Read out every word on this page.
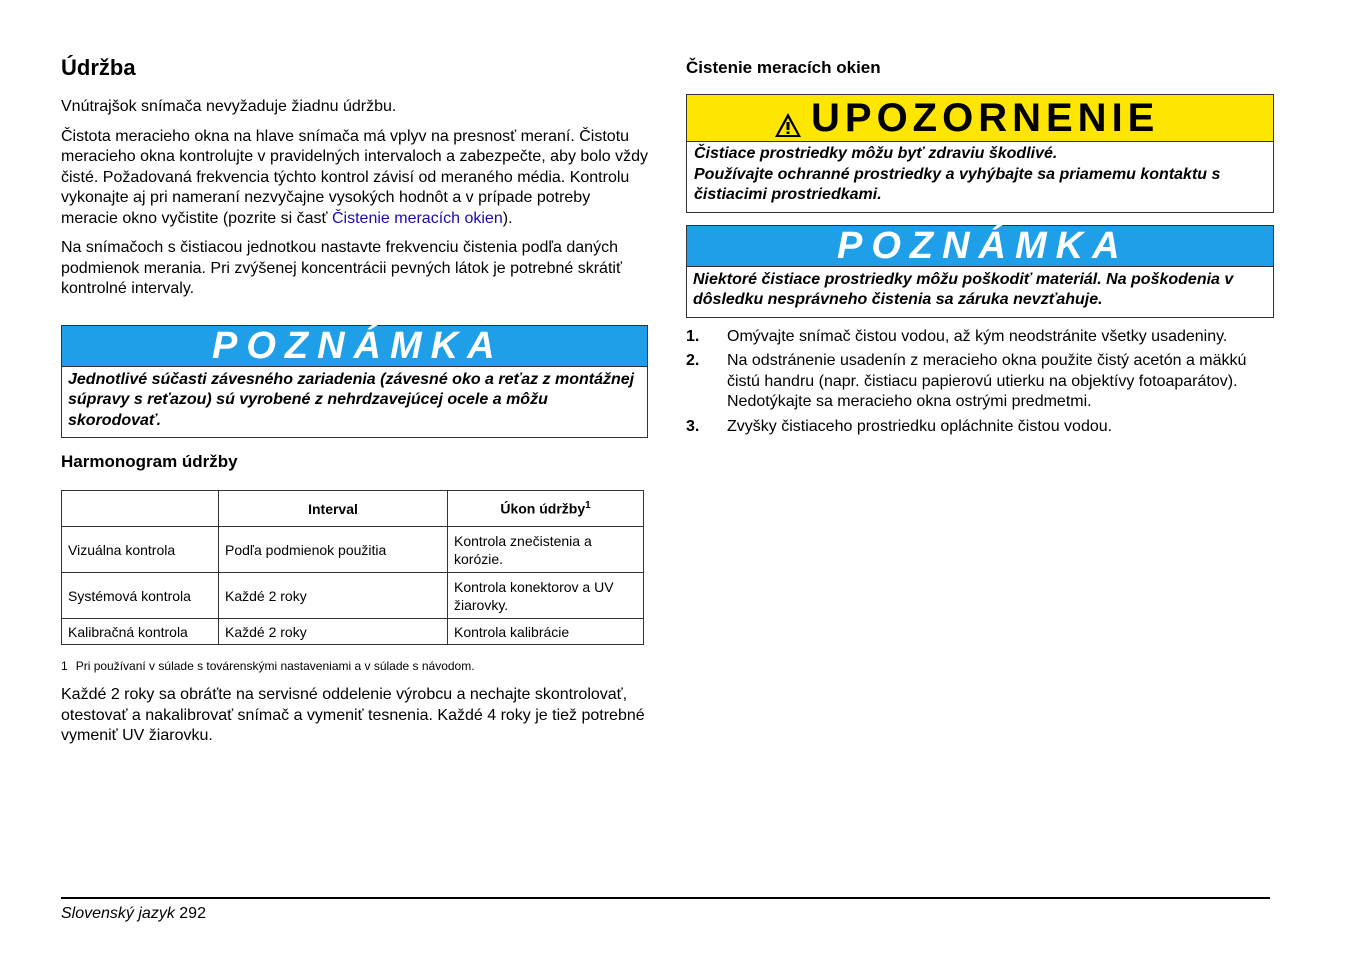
Údržba

Vnútrajšok snímača nevyžaduje žiadnu údržbu.

Čistota meracieho okna na hlave snímača má vplyv na presnosť meraní. Čistotu meracieho okna kontrolujte v pravidelných intervaloch a zabezpečte, aby bolo vždy čisté. Požadovaná frekvencia týchto kontrol závisí od meraného média. Kontrolu vykonajte aj pri nameraní nezvyčajne vysokých hodnôt a v prípade potreby meracie okno vyčistite (pozrite si časť Čistenie meracích okien).

Na snímačoch s čistiacou jednotkou nastavte frekvenciu čistenia podľa daných podmienok merania. Pri zvýšenej koncentrácii pevných látok je potrebné skrátiť kontrolné intervaly.

POZNÁMKA
Jednotlivé súčasti závesného zariadenia (závesné oko a reťaz z montážnej súpravy s reťazou) sú vyrobené z nehrdzavejúcej ocele a môžu skorodovať.
Harmonogram údržby
	Interval	Úkon údržby$^1$
Vizuálna kontrola	Podľa podmienok použitia	Kontrola znečistenia a korózie.
Systémová kontrola	Každé 2 roky	Kontrola konektorov a UV žiarovky.
Kalibračná kontrola	Každé 2 roky	Kontrola kalibrácie
1 Pri používaní v súlade s továrenskými nastaveniami a v súlade s návodom.

Každé 2 roky sa obráťte na servisné oddelenie výrobcu a nechajte skontrolovať, otestovať a nakalibrovať snímač a vymeniť tesnenia. Každé 4 roky je tiež potrebné vymeniť UV žiarovku.

Čistenie meracích okien
UPOZORNENIE
Čistiace prostriedky môžu byť zdraviu škodlivé.
Používajte ochranné prostriedky a vyhýbajte sa priamemu kontaktu s čistiacimi prostriedkami.
POZNÁMKA
Niektoré čistiace prostriedky môžu poškodiť materiál. Na poškodenia v dôsledku nesprávneho čistenia sa záruka nevzťahuje.
1. Omývajte snímač čistou vodou, až kým neodstránite všetky usadeniny.
2. Na odstránenie usadenín z meracieho okna použite čistý acetón a mäkkú čistú handru (napr. čistiacu papierovú utierku na objektívy fotoaparátov). Nedotýkajte sa meracieho okna ostrými predmetmi.
3. Zvyšky čistiaceho prostriedku opláchnite čistou vodou.
Slovenský jazyk 292
